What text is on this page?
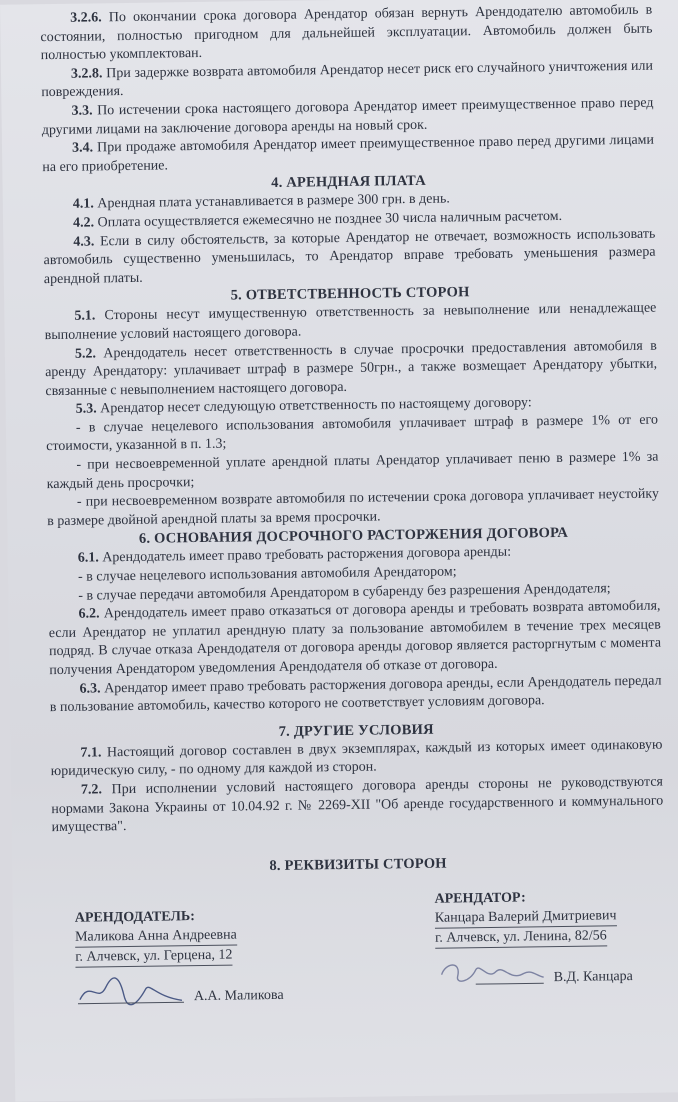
3.2.6. По окончании срока договора Арендатор обязан вернуть Арендодателю автомобиль в состоянии, полностью пригодном для дальнейшей эксплуатации. Автомобиль должен быть полностью укомплектован.

3.2.8. При задержке возврата автомобиля Арендатор несет риск его случайного уничтожения или повреждения.

3.3. По истечении срока настоящего договора Арендатор имеет преимущественное право перед другими лицами на заключение договора аренды на новый срок.

3.4. При продаже автомобиля Арендатор имеет преимущественное право перед другими лицами на его приобретение.

4. АРЕНДНАЯ ПЛАТА

4.1. Арендная плата устанавливается в размере 300 грн. в день.

4.2. Оплата осуществляется ежемесячно не позднее 30 числа наличным расчетом.

4.3. Если в силу обстоятельств, за которые Арендатор не отвечает, возможность использовать автомобиль существенно уменьшилась, то Арендатор вправе требовать уменьшения размера арендной платы.

5. ОТВЕТСТВЕННОСТЬ СТОРОН

5.1. Стороны несут имущественную ответственность за невыполнение или ненадлежащее выполнение условий настоящего договора.

5.2. Арендодатель несет ответственность в случае просрочки предоставления автомобиля в аренду Арендатору: уплачивает штраф в размере 50грн., а также возмещает Арендатору убытки, связанные с невыполнением настоящего договора.

5.3. Арендатор несет следующую ответственность по настоящему договору:

- в случае нецелевого использования автомобиля уплачивает штраф в размере 1% от его стоимости, указанной в п. 1.3;

- при несвоевременной уплате арендной платы Арендатор уплачивает пеню в размере 1% за каждый день просрочки;

- при несвоевременном возврате автомобиля по истечении срока договора уплачивает неустойку в размере двойной арендной платы за время просрочки.

6. ОСНОВАНИЯ ДОСРОЧНОГО РАСТОРЖЕНИЯ ДОГОВОРА

6.1. Арендодатель имеет право требовать расторжения договора аренды:

- в случае нецелевого использования автомобиля Арендатором;

- в случае передачи автомобиля Арендатором в субаренду без разрешения Арендодателя;

6.2. Арендодатель имеет право отказаться от договора аренды и требовать возврата автомобиля, если Арендатор не уплатил арендную плату за пользование автомобилем в течение трех месяцев подряд. В случае отказа Арендодателя от договора аренды договор является расторгнутым с момента получения Арендатором уведомления Арендодателя об отказе от договора.

6.3. Арендатор имеет право требовать расторжения договора аренды, если Арендодатель передал в пользование автомобиль, качество которого не соответствует условиям договора.

7. ДРУГИЕ УСЛОВИЯ

7.1. Настоящий договор составлен в двух экземплярах, каждый из которых имеет одинаковую юридическую силу, - по одному для каждой из сторон.

7.2. При исполнении условий настоящего договора аренды стороны не руководствуются нормами Закона Украины от 10.04.92 г. № 2269-XII "Об аренде государственного и коммунального имущества".

8. РЕКВИЗИТЫ СТОРОН
АРЕНДОДАТЕЛЬ:
Маликова Анна Андреевна
г. Алчевск, ул. Герцена, 12
А.А. Маликова
АРЕНДАТОР:
Канцара Валерий Дмитриевич
г. Алчевск, ул. Ленина, 82/56
В.Д. Канцара
